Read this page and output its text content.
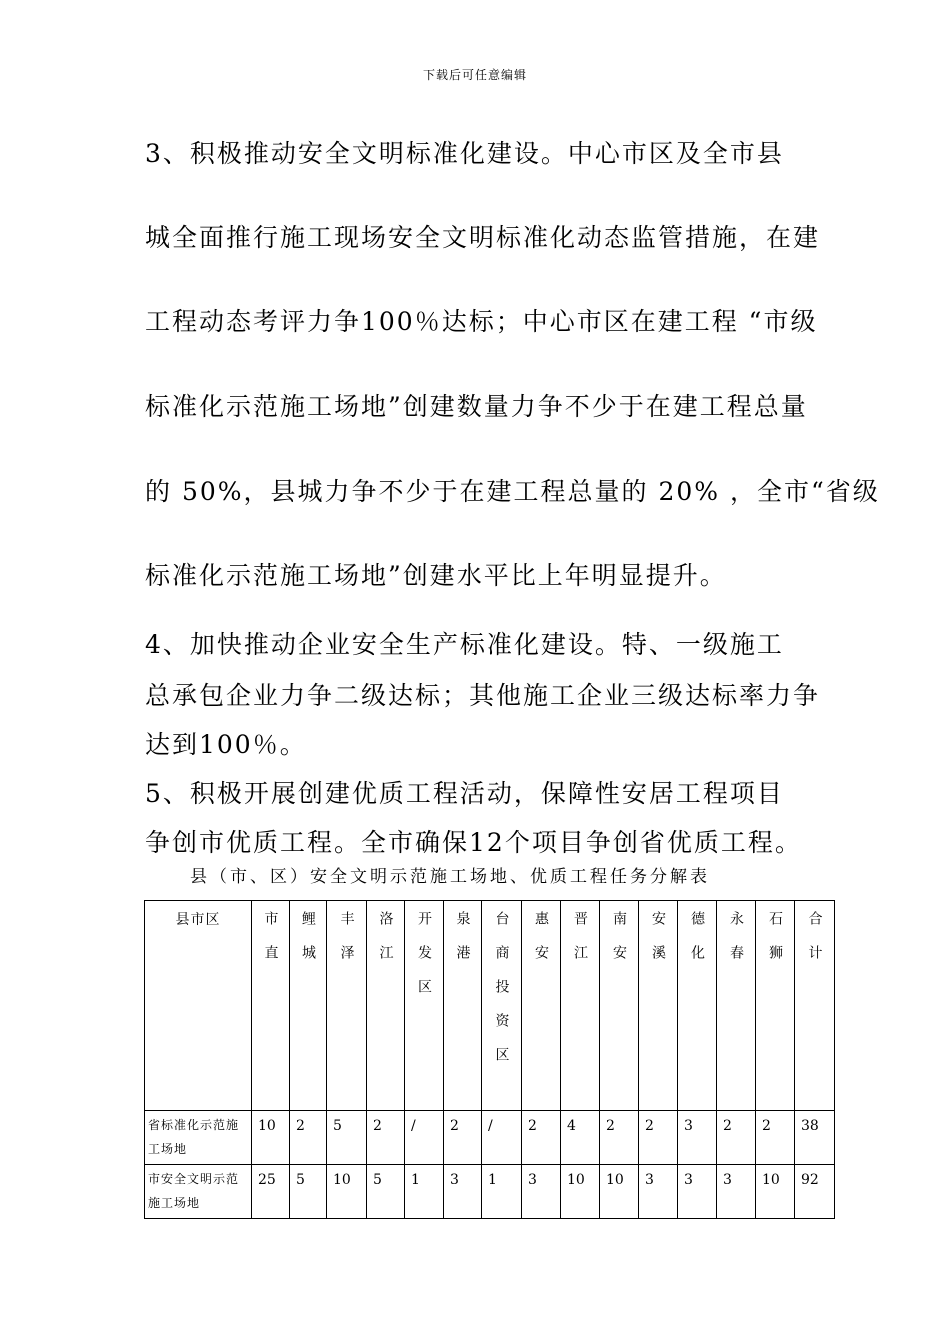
下载后可任意编辑
3、积极推动安全文明标准化建设。中心市区及全市县
城全面推行施工现场安全文明标准化动态监管措施，在建
工程动态考评力争100％达标；中心市区在建工程 “市级
标准化示范施工场地”创建数量力争不少于在建工程总量
的 50%，县城力争不少于在建工程总量的 20% ，全市“省级
标准化示范施工场地”创建水平比上年明显提升。
4、加快推动企业安全生产标准化建设。特、一级施工
总承包企业力争二级达标；其他施工企业三级达标率力争
达到100％。
5、积极开展创建优质工程活动，保障性安居工程项目
争创市优质工程。全市确保12个项目争创省优质工程。
县（市、区）安全文明示范施工场地、优质工程任务分解表
县市区	市直	鲤城	丰泽	洛江	开发区	泉港	台商投资区	惠安	晋江	南安	安溪	德化	永春	石狮	合计

省标准化示范施工场地	10	2	5	2	/	2	/	2	4	2	2	3	2	2	38
市安全文明示范施工场地	25	5	10	5	1	3	1	3	10	10	3	3	3	10	92
